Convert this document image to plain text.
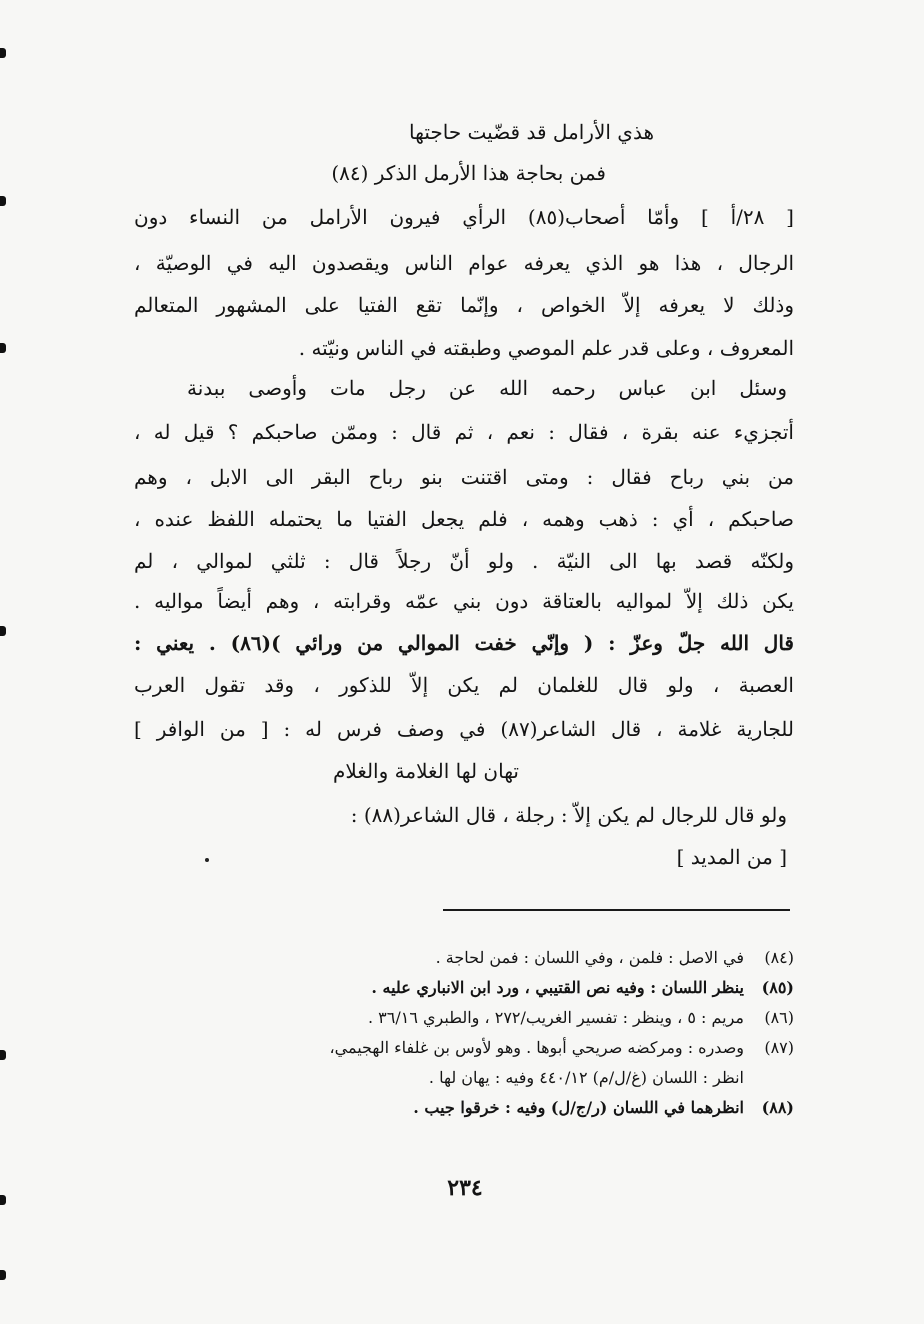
هذي الأرامل قد قضّيت حاجتها
فمن بحاجة هذا الأرمل الذكر (٨٤)
[ ٢٨/أ ] وأمّا أصحاب(٨٥) الرأي فيرون الأرامل من النساء دون
الرجال ، هذا هو الذي يعرفه عوام الناس ويقصدون اليه في الوصيّة ،
وذلك لا يعرفه إلاّ الخواص ، وإنّما تقع الفتيا على المشهور المتعالم
المعروف ، وعلى قدر علم الموصي وطبقته في الناس ونيّته .
وسئل ابن عباس رحمه الله عن رجل مات وأوصى ببدنة
أتجزيء عنه بقرة ، فقال : نعم ، ثم قال : وممّن صاحبكم ؟ قيل له ،
من بني رباح فقال : ومتى اقتنت بنو رباح البقر الى الابل ، وهم
صاحبكم ، أي : ذهب وهمه ، فلم يجعل الفتيا ما يحتمله اللفظ عنده ،
ولكنّه قصد بها الى النيّة . ولو أنّ رجلاً قال : ثلثي لموالي ، لم
يكن ذلك إلاّ لمواليه بالعتاقة دون بني عمّه وقرابته ، وهم أيضاً مواليه .
قال الله جلّ وعزّ : ( وإنّي خفت الموالي من ورائي )(٨٦) . يعني :
العصبة ، ولو قال للغلمان لم يكن إلاّ للذكور ، وقد تقول العرب
للجارية غلامة ، قال الشاعر(٨٧) في وصف فرس له : [ من الوافر ]
تهان لها الغلامة والغلام
ولو قال للرجال لم يكن إلاّ : رجلة ، قال الشاعر(٨٨) :
[ من المديد ]
(٨٤)في الاصل : فلمن ، وفي اللسان : فمن لحاجة .
(٨٥)ينظر اللسان : وفيه نص القتيبي ، ورد ابن الانباري عليه .
(٨٦)مريم : ٥ ، وينظر : تفسير الغريب/٢٧٢ ، والطبري ٣٦/١٦ .
(٨٧)وصدره : ومركضه صريحي أبوها . وهو لأوس بن غلفاء الهجيمي،
انظر : اللسان (غ/ل/م) ٤٤٠/١٢ وفيه : يهان لها .
(٨٨)انظرهما في اللسان (ر/ج/ل) وفيه : خرقوا جيب .
٢٣٤
